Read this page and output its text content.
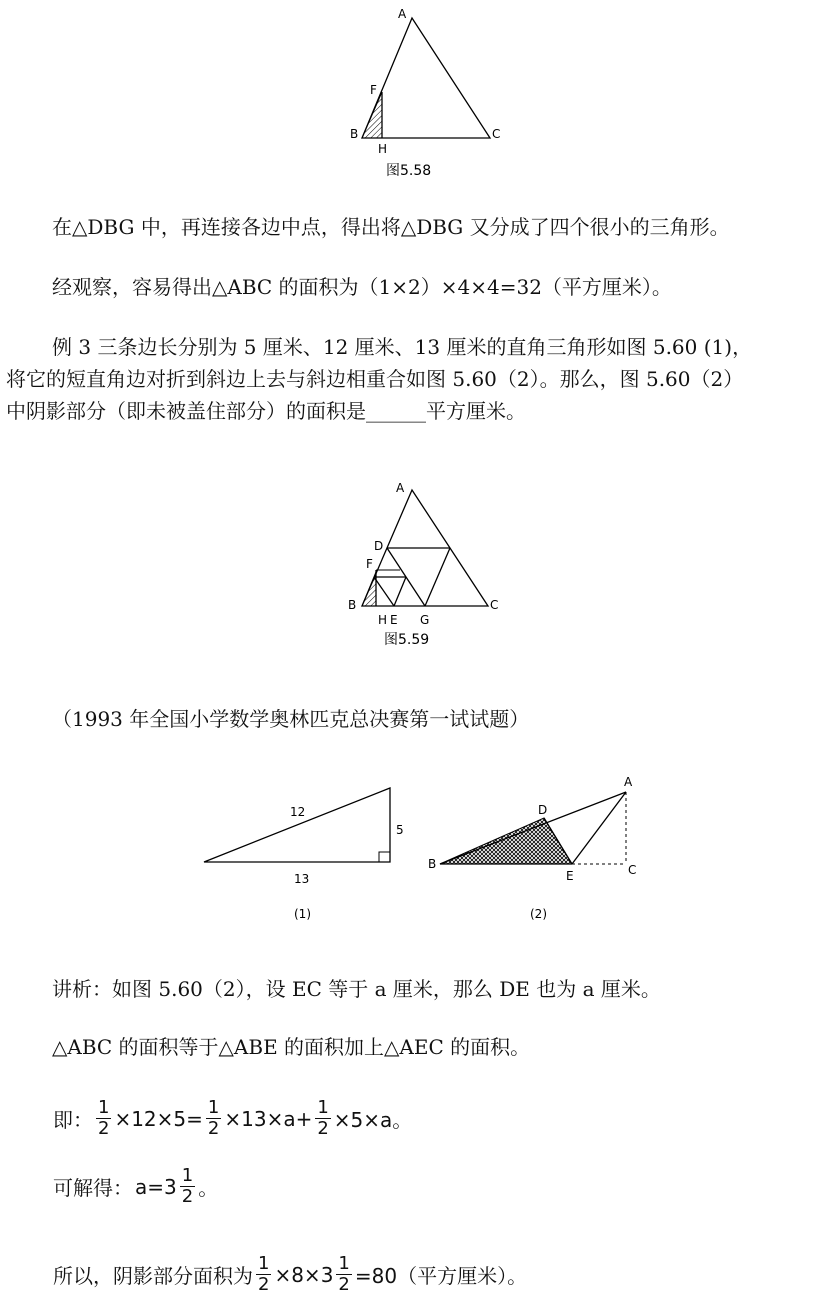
A
F
B
H
C
图5.58
在△DBG 中，再连接各边中点，得出将△DBG 又分成了四个很小的三角形。
经观察，容易得出△ABC 的面积为（1×2）×4×4=32（平方厘米）。
例 3 三条边长分别为 5 厘米、12 厘米、13 厘米的直角三角形如图 5.60 (1)，
将它的短直角边对折到斜边上去与斜边相重合如图 5.60（2）。那么，图 5.60（2）
中阴影部分（即未被盖住部分）的面积是______平方厘米。
A
D
F
B
H E G
C
图5.59
（1993 年全国小学数学奥林匹克总决赛第一试试题）
12
5
13
(1)
A
D
B
E	C
(2)
讲析：如图 5.60（2），设 EC 等于 a 厘米，那么 DE 也为 a 厘米。
△ABC 的面积等于△ABE 的面积加上△AEC 的面积。
即： $\frac{1}{2} \times 12\times 5= \frac{1}{2} \times 13\times a+ \frac{1}{2} \times 5\times a$。
可解得： $a=3 \frac{1}{2}$ 。
所以，阴影部分面积为 $\frac{1}{2} \times 8\times 3 \frac{1}{2} =80$（平方厘米）。
